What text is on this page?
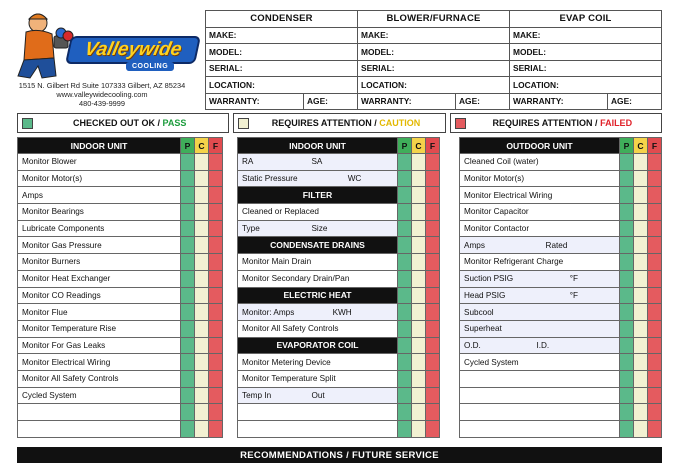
Valleywide
COOLING
1515 N. Gilbert Rd Suite 107333 Gilbert, AZ 85234
www.valleywidecooling.com
480-439-9999
CONDENSER		BLOWER/FURNACE		EVAP COIL	
MAKE:		MAKE:		MAKE:	
MODEL:		MODEL:		MODEL:	
SERIAL:		SERIAL:		SERIAL:	
LOCATION:		LOCATION:		LOCATION:	
WARRANTY:	AGE:	WARRANTY:	AGE:	WARRANTY:	AGE:
CHECKED OUT OK / PASS	REQUIRES ATTENTION / CAUTION	REQUIRES ATTENTION / FAILED
INDOOR UNIT	P	C	F
Monitor Blower			
Monitor Motor(s)			
Amps			
Monitor Bearings			
Lubricate Components			
Monitor Gas Pressure			
Monitor Burners			
Monitor Heat Exchanger			
Monitor CO Readings			
Monitor Flue			
Monitor Temperature Rise			
Monitor For Gas Leaks			
Monitor Electrical Wiring			
Monitor All Safety Controls			
Cycled System			

INDOOR UNIT	P	C	F

RA SA			

Static Pressure WC			

FILTER			
Cleaned or Replaced			

Type Size			

CONDENSATE DRAINS			
Monitor Main Drain			
Monitor Secondary Drain/Pan			
ELECTRIC HEAT			

Monitor: Amps KWH			

Monitor All Safety Controls			
EVAPORATOR COIL			
Monitor Metering Device			
Monitor Temperature Split			

Temp In Out			

OUTDOOR UNIT	P	C	F
Cleaned Coil (water)			
Monitor Motor(s)			
Monitor Electrical Wiring			
Monitor Capacitor			
Monitor Contactor			

Amps Rated			

Monitor Refrigerant Charge			

Suction PSIG °F			

Head PSIG °F			

Subcool			
Superheat			

O.D. I.D.			

Cycled System			

RECOMMENDATIONS / FUTURE SERVICE
